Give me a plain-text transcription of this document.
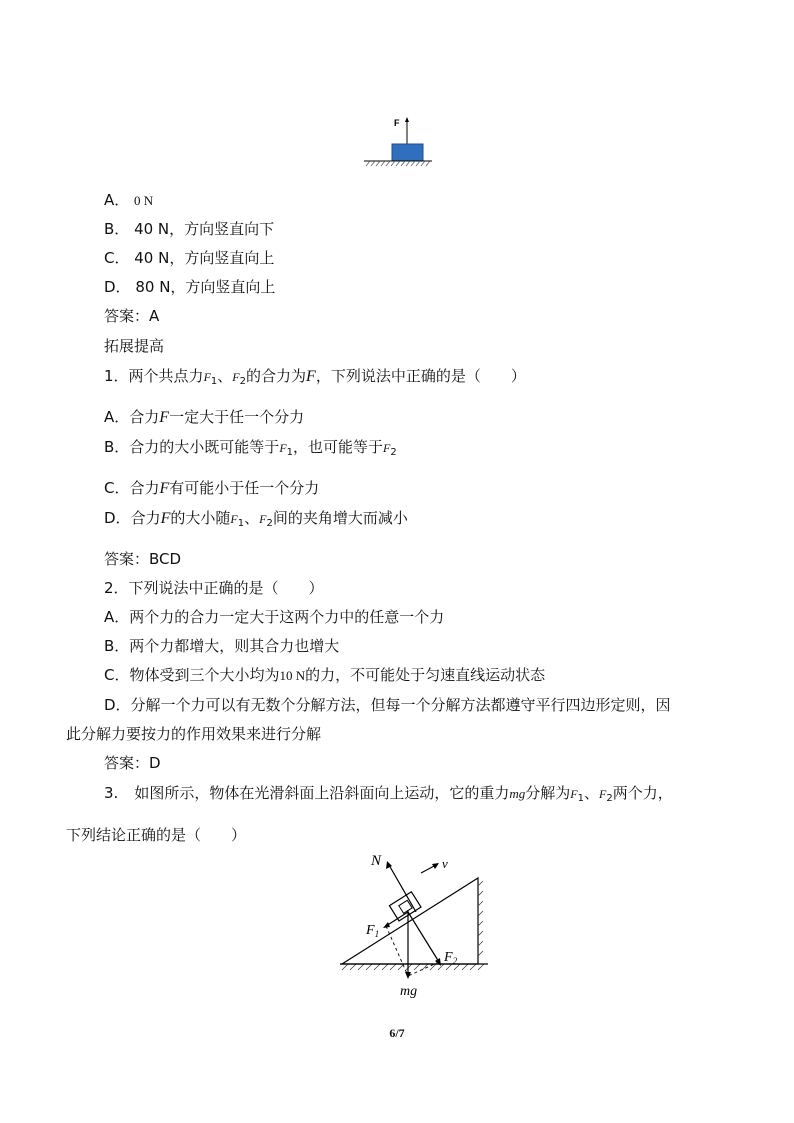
F
A． 0 N
B． 40 N，方向竖直向下
C． 40 N，方向竖直向上
D． 80 N，方向竖直向上
答案：A
拓展提高
1．两个共点力$F_1$、$F_2$的合力为F，下列说法中正确的是（　　）
A．合力F一定大于任一个分力
B．合力的大小既可能等于$F_1$，也可能等于$F_2$
C．合力F有可能小于任一个分力
D．合力F的大小随$F_1$、$F_2$间的夹角增大而减小
答案：BCD
2．下列说法中正确的是（　　）
A．两个力的合力一定大于这两个力中的任意一个力
B．两个力都增大，则其合力也增大
C．物体受到三个大小均为10 N的力，不可能处于匀速直线运动状态
D．分解一个力可以有无数个分解方法，但每一个分解方法都遵守平行四边形定则，因
此分解力要按力的作用效果来进行分解
答案：D
3. 如图所示，物体在光滑斜面上沿斜面向上运动，它的重力mg分解为$F_1$、$F_2$两个力，
下列结论正确的是（　　）
N	v
$F_1$
$F_2$
mg
6/7
